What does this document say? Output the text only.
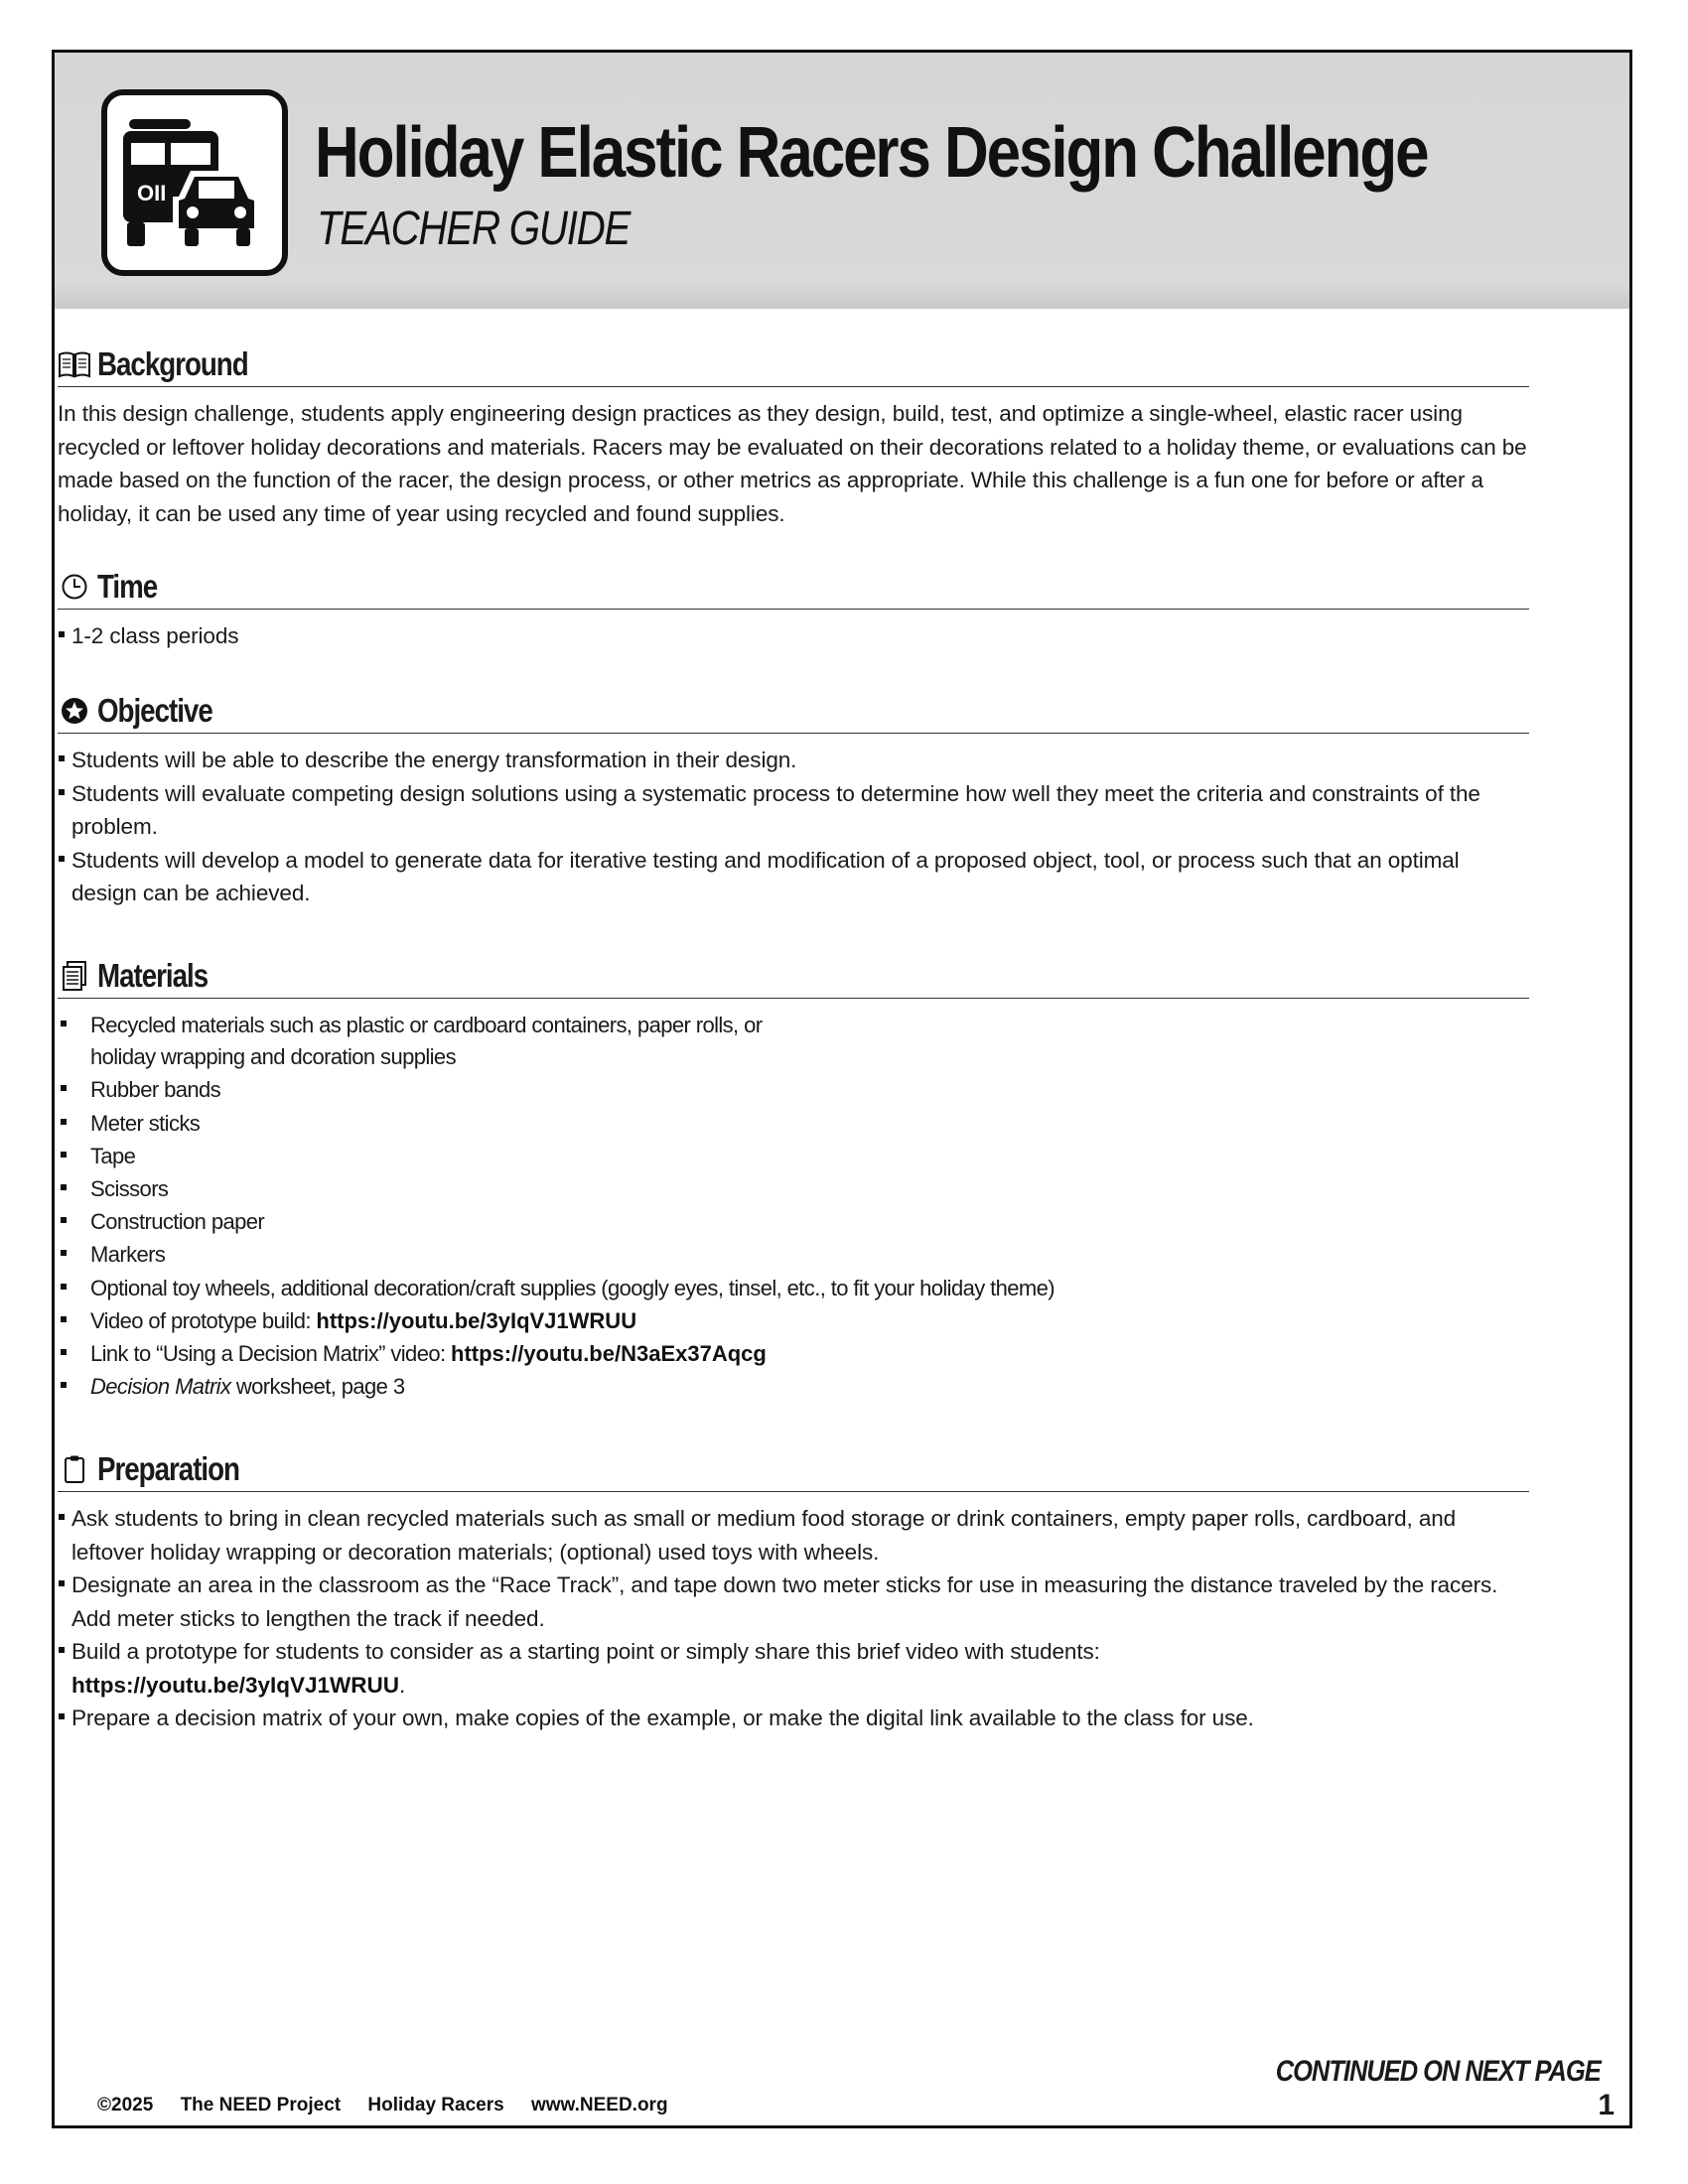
OII
Holiday Elastic Racers Design Challenge
TEACHER GUIDE
Background
In this design challenge, students apply engineering design practices as they design, build, test, and optimize a single-wheel, elastic racer using recycled or leftover holiday decorations and materials. Racers may be evaluated on their decorations related to a holiday theme, or evaluations can be made based on the function of the racer, the design process, or other metrics as appropriate. While this challenge is a fun one for before or after a holiday, it can be used any time of year using recycled and found supplies.
Time
1-2 class periods
Objective
Students will be able to describe the energy transformation in their design.
Students will evaluate competing design solutions using a systematic process to determine how well they meet the criteria and constraints of the problem.
Students will develop a model to generate data for iterative testing and modification of a proposed object, tool, or process such that an optimal design can be achieved.
Materials
Recycled materials such as plastic or cardboard containers, paper rolls, or
holiday wrapping and dcoration supplies
Rubber bands
Meter sticks
Tape
Scissors
Construction paper
Markers
Optional toy wheels, additional decoration/craft supplies (googly eyes, tinsel, etc., to fit your holiday theme)
Video of prototype build: https://youtu.be/3yIqVJ1WRUU
Link to “Using a Decision Matrix” video: https://youtu.be/N3aEx37Aqcg
Decision Matrix worksheet, page 3
Preparation
Ask students to bring in clean recycled materials such as small or medium food storage or drink containers, empty paper rolls, cardboard, and leftover holiday wrapping or decoration materials; (optional) used toys with wheels.
Designate an area in the classroom as the “Race Track”, and tape down two meter sticks for use in measuring the distance traveled by the racers. Add meter sticks to lengthen the track if needed.
Build a prototype for students to consider as a starting point or simply share this brief video with students:
https://youtu.be/3yIqVJ1WRUU.
Prepare a decision matrix of your own, make copies of the example, or make the digital link available to the class for use.
CONTINUED ON NEXT PAGE
©2025 The NEED Project Holiday Racers www.NEED.org	1
